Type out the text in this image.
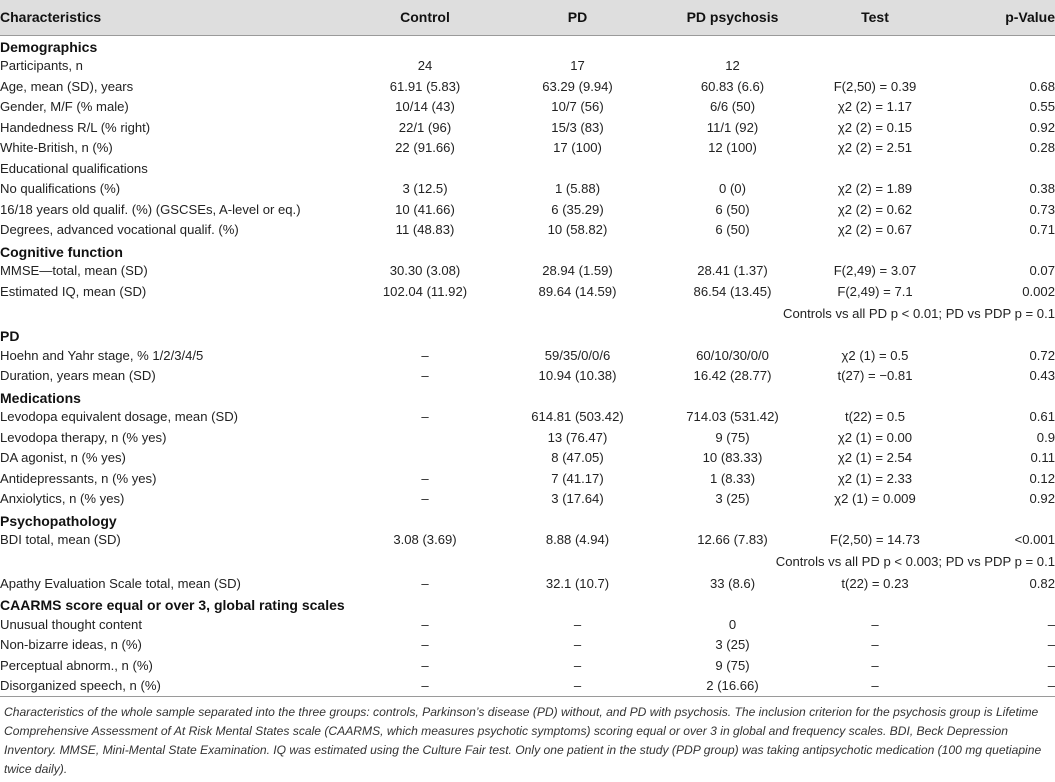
Characteristics	Control	PD	PD psychosis	Test	p-Value
Demographics					
Participants, n	24	17	12		
Age, mean (SD), years	61.91 (5.83)	63.29 (9.94)	60.83 (6.6)	F(2,50) = 0.39	0.68
Gender, M/F (% male)	10/14 (43)	10/7 (56)	6/6 (50)	χ2 (2) = 1.17	0.55
Handedness R/L (% right)	22/1 (96)	15/3 (83)	11/1 (92)	χ2 (2) = 0.15	0.92
White-British, n (%)	22 (91.66)	17 (100)	12 (100)	χ2 (2) = 2.51	0.28
Educational qualifications					
No qualifications (%)	3 (12.5)	1 (5.88)	0 (0)	χ2 (2) = 1.89	0.38
16/18 years old qualif. (%) (GSCSEs, A-level or eq.)	10 (41.66)	6 (35.29)	6 (50)	χ2 (2) = 0.62	0.73
Degrees, advanced vocational qualif. (%)	11 (48.83)	10 (58.82)	6 (50)	χ2 (2) = 0.67	0.71
Cognitive function					
MMSE—total, mean (SD)	30.30 (3.08)	28.94 (1.59)	28.41 (1.37)	F(2,49) = 3.07	0.07
Estimated IQ, mean (SD)	102.04 (11.92)	89.64 (14.59)	86.54 (13.45)	F(2,49) = 7.1	0.002
Controls vs all PD p < 0.01; PD vs PDP p = 0.1					
PD					
Hoehn and Yahr stage, % 1/2/3/4/5	–	59/35/0/0/6	60/10/30/0/0	χ2 (1) = 0.5	0.72
Duration, years mean (SD)	–	10.94 (10.38)	16.42 (28.77)	t(27) = −0.81	0.43
Medications					
Levodopa equivalent dosage, mean (SD)	–	614.81 (503.42)	714.03 (531.42)	t(22) = 0.5	0.61
Levodopa therapy, n (% yes)		13 (76.47)	9 (75)	χ2 (1) = 0.00	0.9
DA agonist, n (% yes)		8 (47.05)	10 (83.33)	χ2 (1) = 2.54	0.11
Antidepressants, n (% yes)	–	7 (41.17)	1 (8.33)	χ2 (1) = 2.33	0.12
Anxiolytics, n (% yes)	–	3 (17.64)	3 (25)	χ2 (1) = 0.009	0.92
Psychopathology					
BDI total, mean (SD)	3.08 (3.69)	8.88 (4.94)	12.66 (7.83)	F(2,50) = 14.73	<0.001
Controls vs all PD p < 0.003; PD vs PDP p = 0.1					
Apathy Evaluation Scale total, mean (SD)	–	32.1 (10.7)	33 (8.6)	t(22) = 0.23	0.82
CAARMS score equal or over 3, global rating scales					
Unusual thought content	–	–	0	–	–
Non-bizarre ideas, n (%)	–	–	3 (25)	–	–
Perceptual abnorm., n (%)	–	–	9 (75)	–	–
Disorganized speech, n (%)	–	–	2 (16.66)	–	–
Characteristics of the whole sample separated into the three groups: controls, Parkinson’s disease (PD) without, and PD with psychosis. The inclusion criterion for the psychosis group is Lifetime Comprehensive Assessment of At Risk Mental States scale (CAARMS, which measures psychotic symptoms) scoring equal or over 3 in global and frequency scales. BDI, Beck Depression Inventory. MMSE, Mini-Mental State Examination. IQ was estimated using the Culture Fair test. Only one patient in the study (PDP group) was taking antipsychotic medication (100 mg quetiapine twice daily).
